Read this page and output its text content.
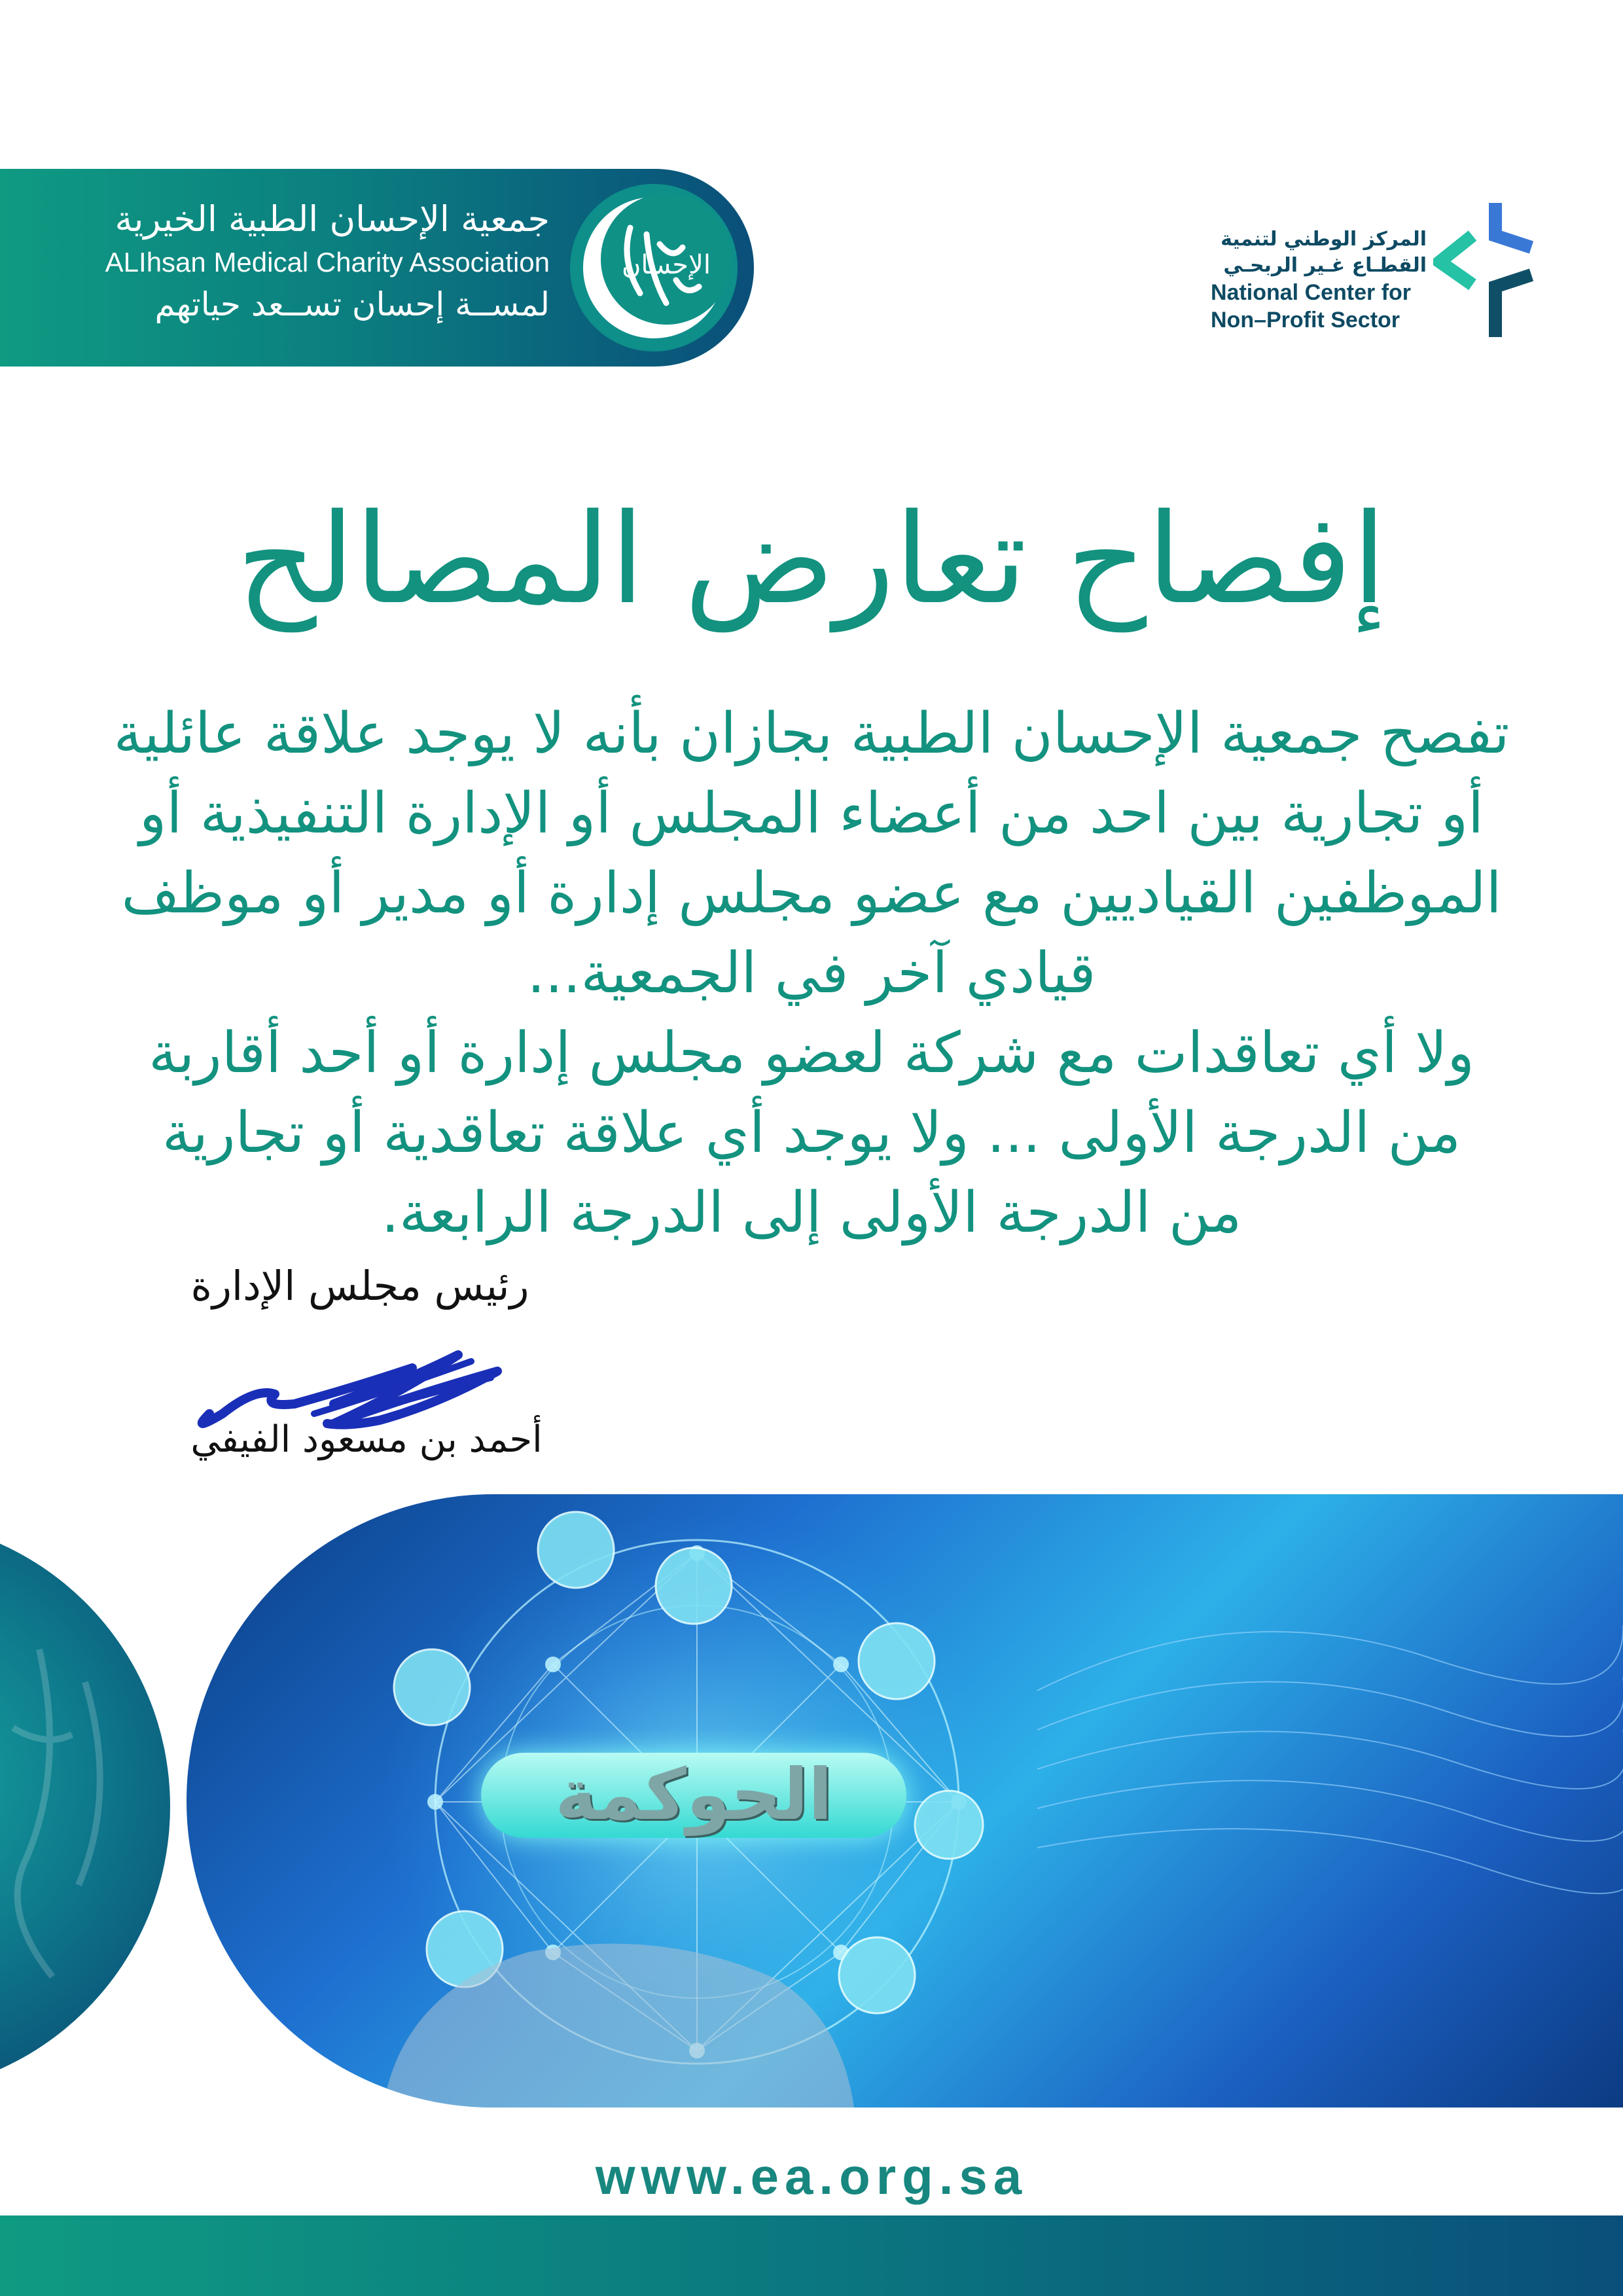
جمعية الإحسان الطبية الخيرية
ALIhsan Medical Charity Association
لمســة إحسان تســعد حياتهم
الإحسان
المركز الوطني لتنمية
القطـاع غـير الربحـي
National Center for
Non–Profit Sector
إفصاح تعارض المصالح

تفصح جمعية الإحسان الطبية بجازان بأنه لا يوجد علاقة عائلية

أو تجارية بين احد من أعضاء المجلس أو الإدارة التنفيذية أو

الموظفين القياديين مع عضو مجلس إدارة أو مدير أو موظف

قيادي آخر في الجمعية...

ولا أي تعاقدات مع شركة لعضو مجلس إدارة أو أحد أقاربة

من الدرجة الأولى ... ولا يوجد أي علاقة تعاقدية أو تجارية

من الدرجة الأولى إلى الدرجة الرابعة.

رئيس مجلس الإدارة
أحمد بن مسعود الفيفي
الحوكمة
www.ea.org.sa
